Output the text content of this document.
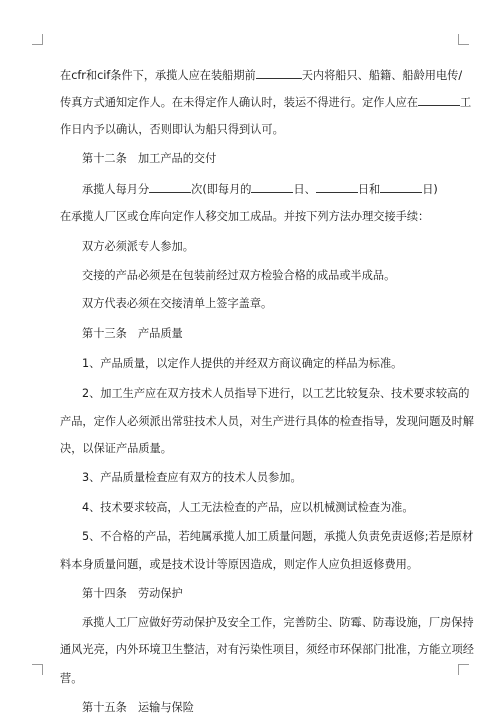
在cfr和cif条件下，承揽人应在装船期前	天内将船只、船籍、船龄用电传/
传真方式通知定作人。在未得定作人确认时，装运不得进行。定作人应在	工
作日内予以确认，否则即认为船只得到认可。
第十二条　加工产品的交付
承揽人每月分	次(即每月的	日、	日和	日)
在承揽人厂区或仓库向定作人移交加工成品。并按下列方法办理交接手续：
双方必须派专人参加。
交接的产品必须是在包装前经过双方检验合格的成品或半成品。
双方代表必须在交接清单上签字盖章。
第十三条　产品质量
1、产品质量，以定作人提供的并经双方商议确定的样品为标准。
2、加工生产应在双方技术人员指导下进行，以工艺比较复杂、技术要求较高的
产品，定作人必须派出常驻技术人员，对生产进行具体的检查指导，发现问题及时解
决，以保证产品质量。
3、产品质量检查应有双方的技术人员参加。
4、技术要求较高，人工无法检查的产品，应以机械测试检查为准。
5、不合格的产品，若纯属承揽人加工质量问题，承揽人负责免责返修;若是原材
料本身质量问题，或是技术设计等原因造成，则定作人应负担返修费用。
第十四条　劳动保护
承揽人工厂应做好劳动保护及安全工作，完善防尘、防霉、防毒设施，厂房保持
通风光亮，内外环境卫生整洁，对有污染性项目，须经市环保部门批准，方能立项经
营。
第十五条　运输与保险
